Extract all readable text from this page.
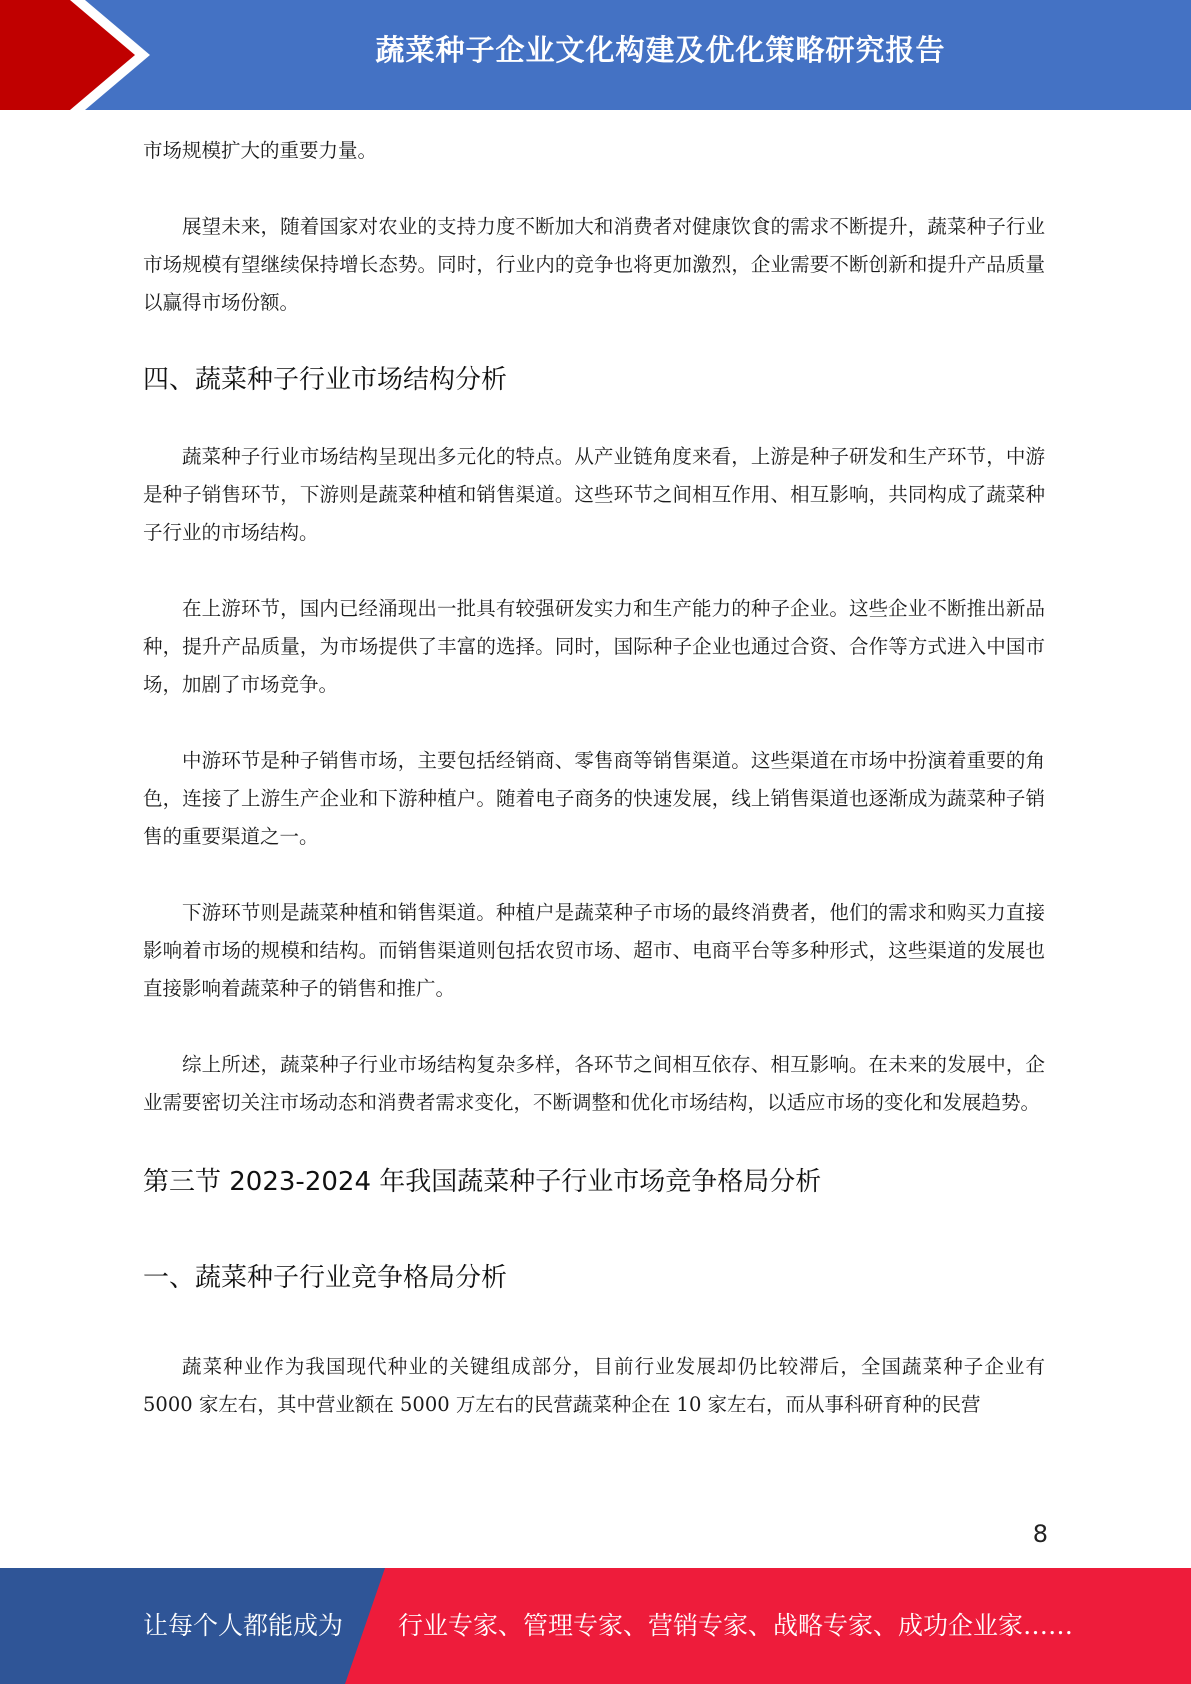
蔬菜种子企业文化构建及优化策略研究报告

市场规模扩大的重要力量。

展望未来，随着国家对农业的支持力度不断加大和消费者对健康饮食的需求不断提升，蔬菜种子行业市场规模有望继续保持增长态势。同时，行业内的竞争也将更加激烈，企业需要不断创新和提升产品质量以赢得市场份额。

四、蔬菜种子行业市场结构分析

蔬菜种子行业市场结构呈现出多元化的特点。从产业链角度来看，上游是种子研发和生产环节，中游是种子销售环节，下游则是蔬菜种植和销售渠道。这些环节之间相互作用、相互影响，共同构成了蔬菜种子行业的市场结构。

在上游环节，国内已经涌现出一批具有较强研发实力和生产能力的种子企业。这些企业不断推出新品种，提升产品质量，为市场提供了丰富的选择。同时，国际种子企业也通过合资、合作等方式进入中国市场，加剧了市场竞争。

中游环节是种子销售市场，主要包括经销商、零售商等销售渠道。这些渠道在市场中扮演着重要的角色，连接了上游生产企业和下游种植户。随着电子商务的快速发展，线上销售渠道也逐渐成为蔬菜种子销售的重要渠道之一。

下游环节则是蔬菜种植和销售渠道。种植户是蔬菜种子市场的最终消费者，他们的需求和购买力直接影响着市场的规模和结构。而销售渠道则包括农贸市场、超市、电商平台等多种形式，这些渠道的发展也直接影响着蔬菜种子的销售和推广。

综上所述，蔬菜种子行业市场结构复杂多样，各环节之间相互依存、相互影响。在未来的发展中，企业需要密切关注市场动态和消费者需求变化，不断调整和优化市场结构，以适应市场的变化和发展趋势。

第三节 2023-2024 年我国蔬菜种子行业市场竞争格局分析
一、蔬菜种子行业竞争格局分析

蔬菜种业作为我国现代种业的关键组成部分，目前行业发展却仍比较滞后，全国蔬菜种子企业有 5000 家左右，其中营业额在 5000 万左右的民营蔬菜种企在 10 家左右，而从事科研育种的民营

8
让每个人都能成为 行业专家、管理专家、营销专家、战略专家、成功企业家……
